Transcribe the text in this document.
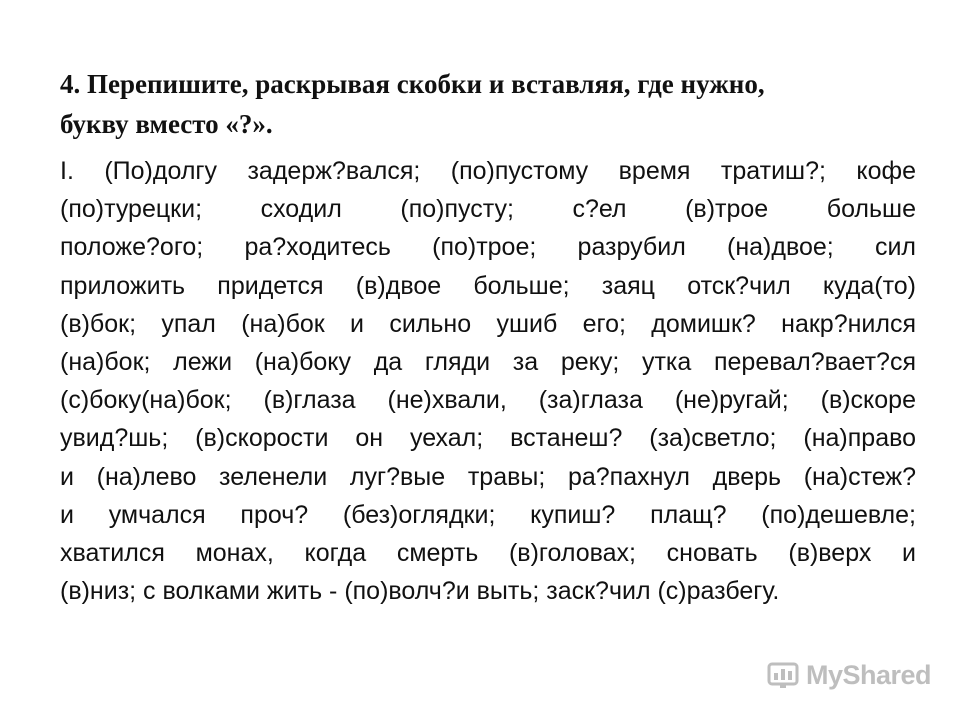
4. Перепишите, раскрывая скобки и вставляя, где нужно,
букву вместо «?».
I. (По)долгу задерж?вался; (по)пустому время тратиш?; кофе
(по)турецки; сходил (по)пусту; с?ел (в)трое больше
положе?ого; ра?ходитесь (по)трое; разрубил (на)двое; сил
приложить придется (в)двое больше; заяц отск?чил куда(то)
(в)бок; упал (на)бок и сильно ушиб его; домишк? накр?нился
(на)бок; лежи (на)боку да гляди за реку; утка перевал?вает?ся
(с)боку(на)бок; (в)глаза (не)хвали, (за)глаза (не)ругай; (в)скоре
увид?шь; (в)скорости он уехал; встанеш? (за)светло; (на)право
и (на)лево зеленели луг?вые травы; ра?пахнул дверь (на)стеж?
и умчался проч? (без)оглядки; купиш? плащ? (по)дешевле;
хватился монах, когда смерть (в)головах; сновать (в)верх и
(в)низ; с волками жить - (по)волч?и выть; заск?чил (с)разбегу.
MyShared
